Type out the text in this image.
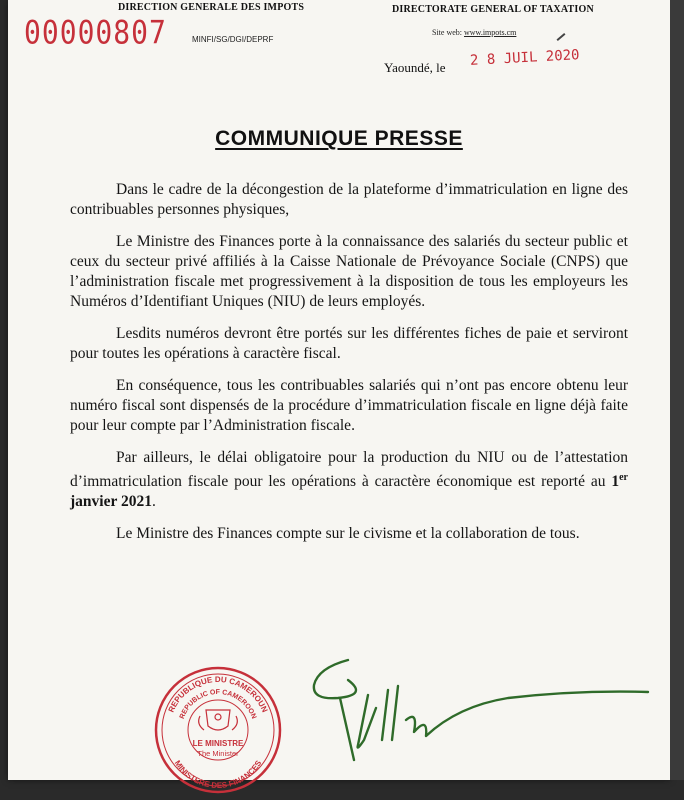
DIRECTION GENERALE DES IMPOTS	DIRECTORATE GENERAL OF TAXATION
00000807	MINFI/SG/DGI/DEPRF
Site web: www.impots.cm
Yaoundé, le 2 8 JUIL 2020
COMMUNIQUE PRESSE

Dans le cadre de la décongestion de la plateforme d’immatriculation en ligne des contribuables personnes physiques,

Le Ministre des Finances porte à la connaissance des salariés du secteur public et ceux du secteur privé affiliés à la Caisse Nationale de Prévoyance Sociale (CNPS) que l’administration fiscale met progressivement à la disposition de tous les employeurs les Numéros d’Identifiant Uniques (NIU) de leurs employés.

Lesdits numéros devront être portés sur les différentes fiches de paie et serviront pour toutes les opérations à caractère fiscal.

En conséquence, tous les contribuables salariés qui n’ont pas encore obtenu leur numéro fiscal sont dispensés de la procédure d’immatriculation fiscale en ligne déjà faite pour leur compte par l’Administration fiscale.

Par ailleurs, le délai obligatoire pour la production du NIU ou de l’attestation d’immatriculation fiscale pour les opérations à caractère économique est reporté au 1er janvier 2021.

Le Ministre des Finances compte sur le civisme et la collaboration de tous.

REPUBLIQUE DU CAMEROUN
REPUBLIC OF CAMEROON
LE MINISTRE
The Minister
MINISTERE DES FINANCES
